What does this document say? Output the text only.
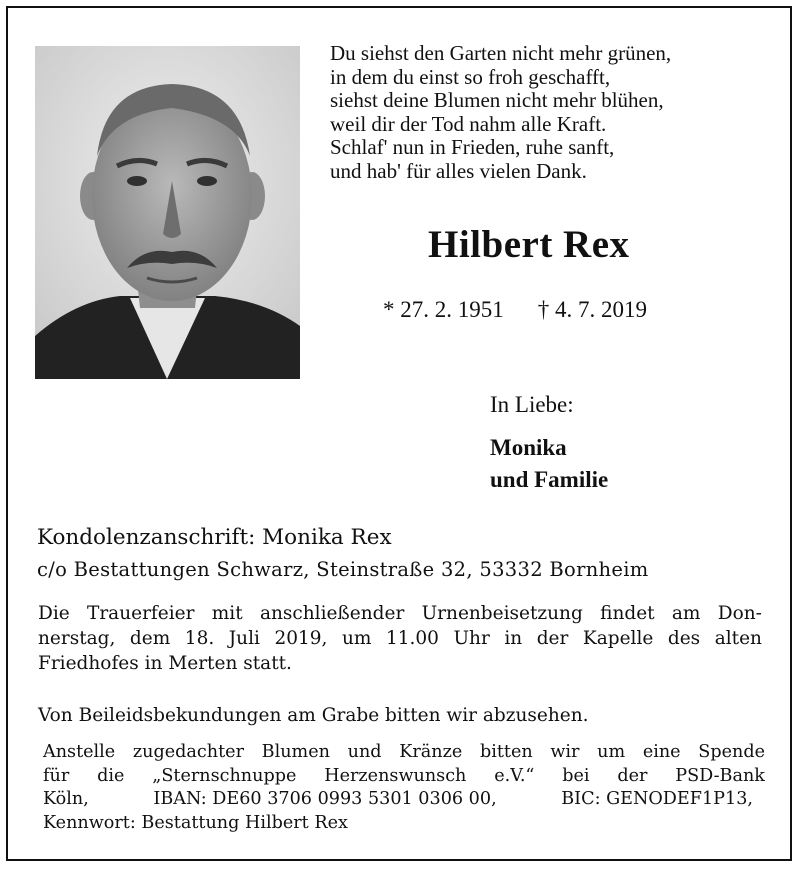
Du siehst den Garten nicht mehr grünen,
in dem du einst so froh geschafft,
siehst deine Blumen nicht mehr blühen,
weil dir der Tod nahm alle Kraft.
Schlaf' nun in Frieden, ruhe sanft,
und hab' für alles vielen Dank.
Hilbert Rex
* 27. 2. 1951 † 4. 7. 2019
In Liebe:
Monika
und Familie
Kondolenzanschrift: Monika Rex
c/o Bestattungen Schwarz, Steinstraße 32, 53332 Bornheim
Die Trauerfeier mit anschließender Urnenbeisetzung findet am Don-
nerstag, dem 18. Juli 2019, um 11.00 Uhr in der Kapelle des alten
Friedhofes in Merten statt.
Von Beileidsbekundungen am Grabe bitten wir abzusehen.
Anstelle zugedachter Blumen und Kränze bitten wir um eine Spende
für die „Sternschnuppe Herzenswunsch e.V.“ bei der PSD-Bank
Köln,	IBAN: DE60 3706 0993 5301 0306 00,	BIC: GENODEF1P13,
Kennwort: Bestattung Hilbert Rex
